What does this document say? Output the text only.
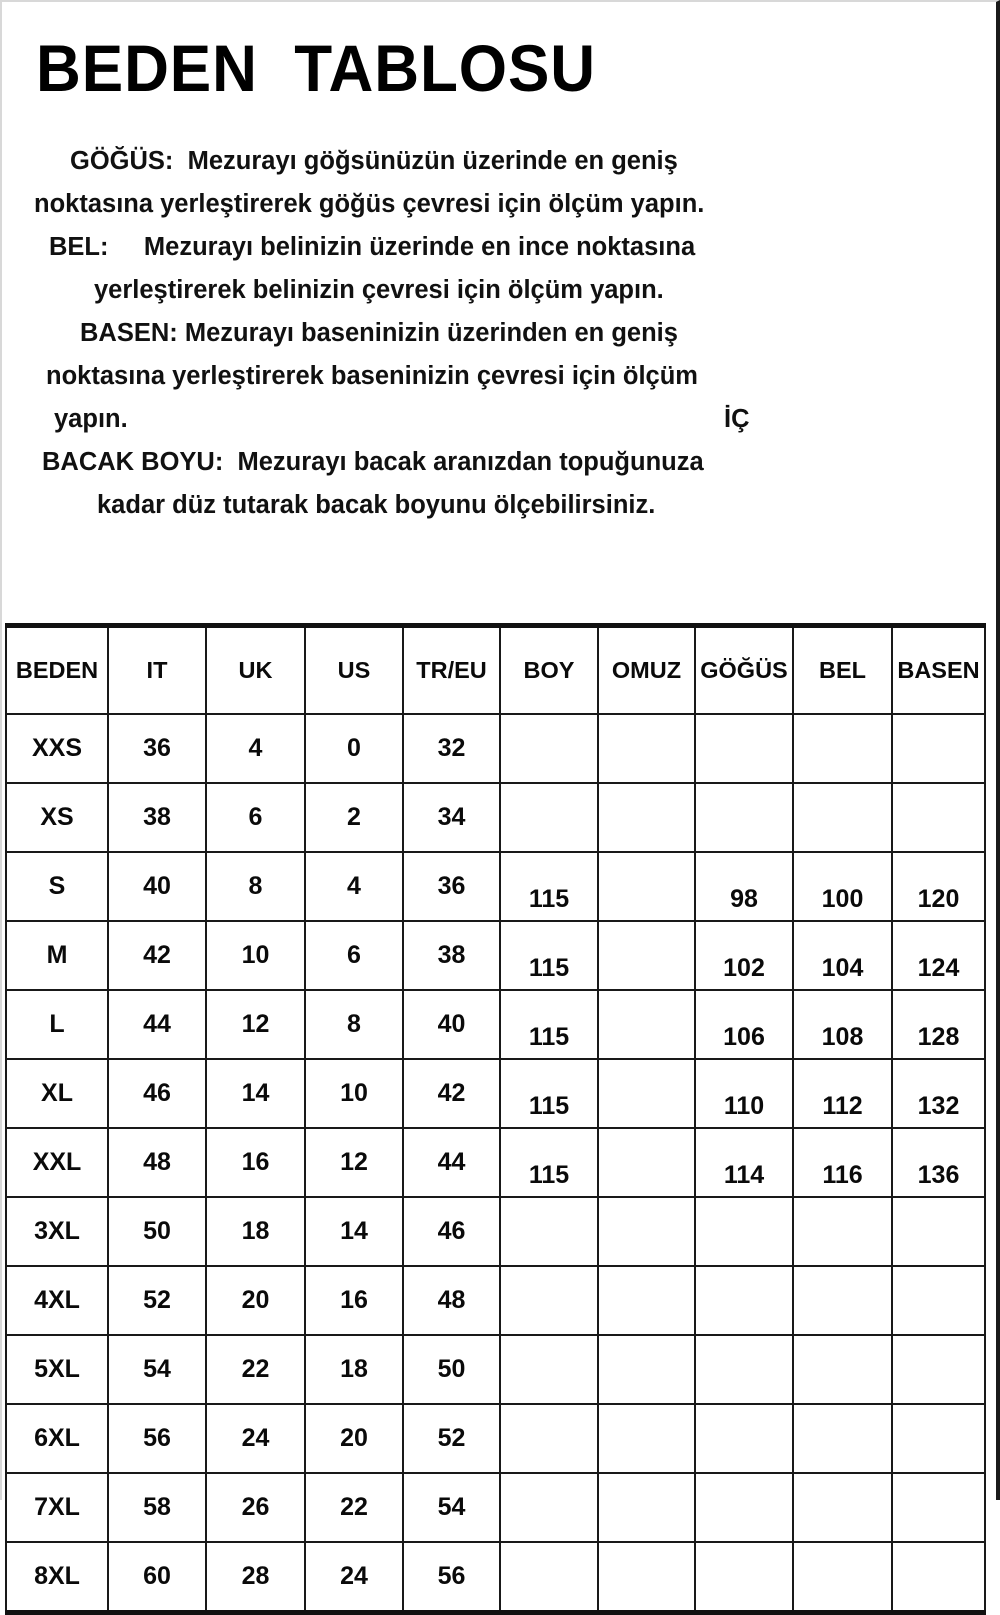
BEDEN  TABLOSU
GÖĞÜS:  Mezurayı göğsünüzün üzerinde en geniş
noktasına yerleştirerek göğüs çevresi için ölçüm yapın.
BEL:     Mezurayı belinizin üzerinde en ince noktasına
yerleştirerek belinizin çevresi için ölçüm yapın.
BASEN: Mezurayı baseninizin üzerinden en geniş
noktasına yerleştirerek baseninizin çevresi için ölçüm
yapın.	İÇ
BACAK BOYU:  Mezurayı bacak aranızdan topuğunuza
kadar düz tutarak bacak boyunu ölçebilirsiniz.
BEDEN	IT	UK	US	TR/EU	BOY	OMUZ	GÖĞÜS	BEL	BASEN
XXS	36	4	0	32					
XS	38	6	2	34					
S	40	8	4	36	115		98	100	120
M	42	10	6	38	115		102	104	124
L	44	12	8	40	115		106	108	128
XL	46	14	10	42	115		110	112	132
XXL	48	16	12	44	115		114	116	136
3XL	50	18	14	46					
4XL	52	20	16	48					
5XL	54	22	18	50					
6XL	56	24	20	52					
7XL	58	26	22	54					
8XL	60	28	24	56					
